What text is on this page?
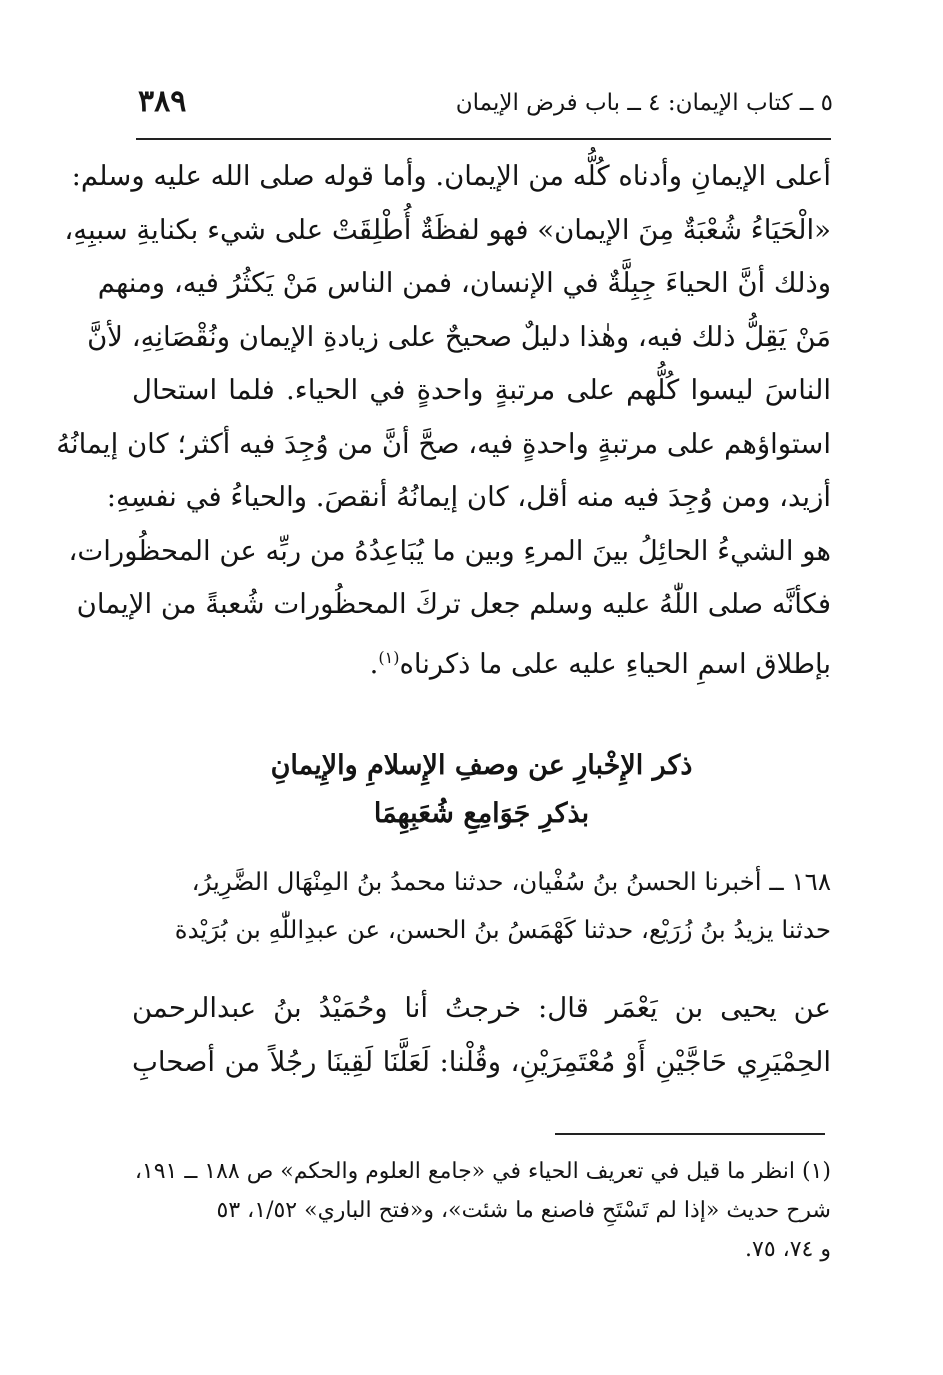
٣٨٩	٥ ــ كتاب الإيمان: ٤ ــ باب فرض الإيمان
أعلى الإيمانِ وأدناه كُلُّه من الإيمان. وأما قوله صلى الله عليه وسلم:
«الْحَيَاءُ شُعْبَةٌ مِنَ الإيمان» فهو لفظَةٌ أُطْلِقَتْ على شيء بكنايةِ سببِهِ،
وذلك أنَّ الحياءَ جِبِلَّةٌ في الإنسان، فمن الناس مَنْ يَكثُرُ فيه، ومنهم
مَنْ يَقِلُّ ذلك فيه، وهٰذا دليلٌ صحيحٌ على زيادةِ الإيمان ونُقْصَانِهِ، لأنَّ
الناسَ ليسوا كُلُّهم على مرتبةٍ واحدةٍ في الحياء. فلما استحال
استواؤهم على مرتبةٍ واحدةٍ فيه، صحَّ أنَّ من وُجِدَ فيه أكثر؛ كان إيمانُهُ
أزيد، ومن وُجِدَ فيه منه أقل، كان إيمانُهُ أنقصَ. والحياءُ في نفسِهِ:
هو الشيءُ الحائِلُ بينَ المرءِ وبين ما يُبَاعِدُهُ من ربِّه عن المحظُورات،
فكأنَّه صلى اللّٰهُ عليه وسلم جعل تركَ المحظُورات شُعبةً من الإيمان
بإطلاق اسمِ الحياءِ عليه على ما ذكرناه$^{(١)}$.
ذكر الإِخْبارِ عن وصفِ الإِسلامِ والإِيمانِ
بذكرِ جَوَامِعِ شُعَبِهِمَا
١٦٨ ــ أخبرنا الحسنُ بنُ سُفْيان، حدثنا محمدُ بنُ المِنْهَال الضَّرِيرُ،
حدثنا يزيدُ بنُ زُرَيْع، حدثنا كَهْمَسُ بنُ الحسن، عن عبدِاللّٰهِ بن بُرَيْدة
عن يحيى بن يَعْمَر قال: خرجتُ أنا وحُمَيْدُ بنُ عبدالرحمن
الحِمْيَرِي حَاجَّيْنِ أَوْ مُعْتَمِرَيْنِ، وقُلْنا: لَعَلَّنَا لَقِينَا رجُلاً من أصحابِ
(١) انظر ما قيل في تعريف الحياء في «جامع العلوم والحكم» ص ١٨٨ ــ ١٩١،
شرح حديث «إذا لم تَسْتَحِ فاصنع ما شئت»، و«فتح الباري» ١/٥٢، ٥٣
و ٧٤، ٧٥.
